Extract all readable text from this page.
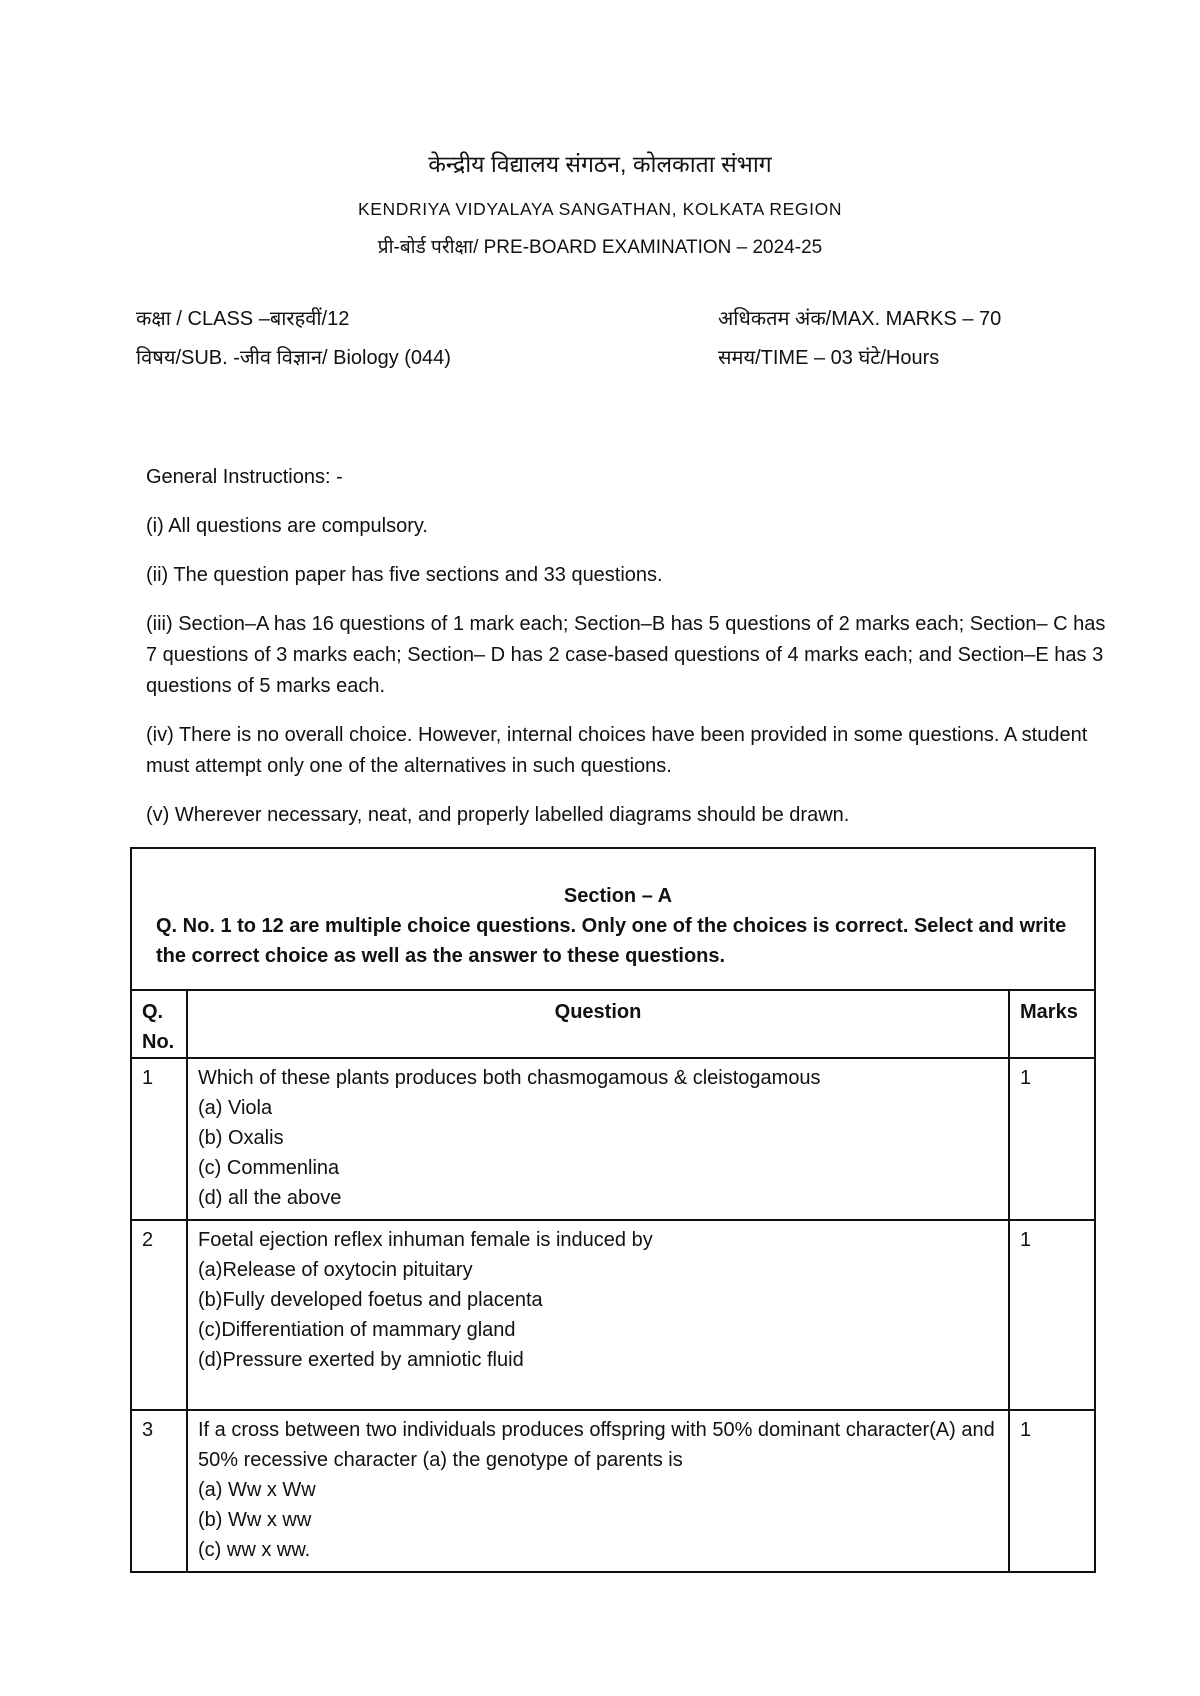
केन्द्रीय विद्यालय संगठन, कोलकाता संभाग
KENDRIYA VIDYALAYA SANGATHAN, KOLKATA REGION
प्री-बोर्ड परीक्षा/ PRE-BOARD EXAMINATION – 2024-25
कक्षा / CLASS –बारहवीं/12	अधिकतम अंक/MAX. MARKS – 70
विषय/SUB. -जीव विज्ञान/ Biology (044)	समय/TIME – 03 घंटे/Hours

General Instructions: -

(i) All questions are compulsory.

(ii) The question paper has five sections and 33 questions.

(iii) Section–A has 16 questions of 1 mark each; Section–B has 5 questions of 2 marks each; Section– C has 7 questions of 3 marks each; Section– D has 2 case-based questions of 4 marks each; and Section–E has 3 questions of 5 marks each.

(iv) There is no overall choice. However, internal choices have been provided in some questions. A student must attempt only one of the alternatives in such questions.

(v) Wherever necessary, neat, and properly labelled diagrams should be drawn.

Section – A
Q. No. 1 to 12 are multiple choice questions. Only one of the choices is correct. Select and write the correct choice as well as the answer to these questions.		

Q. No.	Question	Marks
1	Which of these plants produces both chasmogamous & cleistogamous
(a) Viola
(b) Oxalis
(c) Commenlina
(d) all the above	1
2	Foetal ejection reflex inhuman female is induced by
(a)Release of oxytocin pituitary
(b)Fully developed foetus and placenta
(c)Differentiation of mammary gland
(d)Pressure exerted by amniotic fluid	1
3	If a cross between two individuals produces offspring with 50% dominant character(A) and 50% recessive character (a) the genotype of parents is
(a) Ww x Ww
(b) Ww x ww
(c) ww x ww.	1
